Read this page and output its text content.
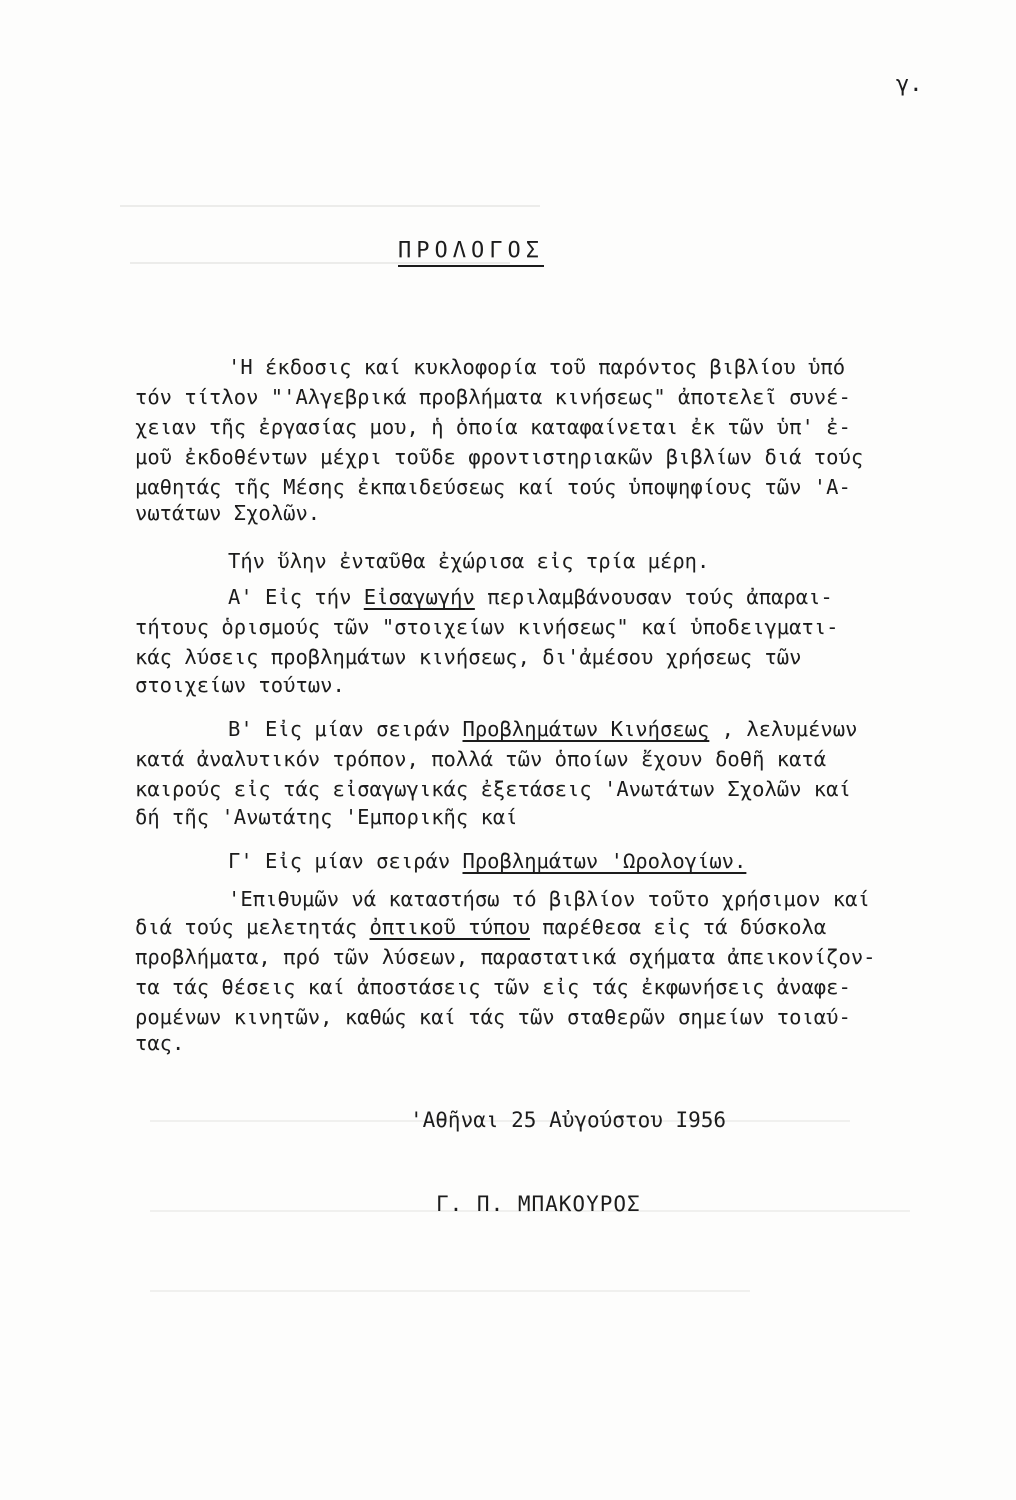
γ.
ΠΡΟΛΟΓΟΣ
'Η έκδοσις καί κυκλοφορία τοῦ παρόντος βιβλίου ὑπό
τόν τίτλον "'Αλγεβρικά προβλήματα κινήσεως" ἀποτελεῖ συνέ-
χειαν τῆς ἐργασίας μου, ἡ ὁποία καταφαίνεται ἐκ τῶν ὑπ' ἐ-
μοῦ ἐκδοθέντων μέχρι τοῦδε φροντιστηριακῶν βιβλίων διά τούς
μαθητάς τῆς Μέσης ἐκπαιδεύσεως καί τούς ὑποψηφίους τῶν 'Α-
νωτάτων Σχολῶν.
Τήν ὕλην ἐνταῦθα ἐχώρισα εἰς τρία μέρη.
Α' Εἰς τήν Εἰσαγωγήν περιλαμβάνουσαν τούς ἀπαραι-
τήτους ὁρισμούς τῶν "στοιχείων κινήσεως" καί ὑποδειγματι-
κάς λύσεις προβλημάτων κινήσεως, δι'ἀμέσου χρήσεως τῶν
στοιχείων τούτων.
Β' Εἰς μίαν σειράν Προβλημάτων Κινήσεως , λελυμένων
κατά ἀναλυτικόν τρόπον, πολλά τῶν ὁποίων ἔχουν δοθῆ κατά
καιρούς εἰς τάς εἰσαγωγικάς ἐξετάσεις 'Ανωτάτων Σχολῶν καί
δή τῆς 'Ανωτάτης 'Εμπορικῆς καί
Γ' Εἰς μίαν σειράν Προβλημάτων 'Ωρολογίων.
'Επιθυμῶν νά καταστήσω τό βιβλίον τοῦτο χρήσιμον καί
διά τούς μελετητάς ὀπτικοῦ τύπου παρέθεσα εἰς τά δύσκολα
προβλήματα, πρό τῶν λύσεων, παραστατικά σχήματα ἀπεικονίζον-
τα τάς θέσεις καί ἀποστάσεις τῶν εἰς τάς ἐκφωνήσεις ἀναφε-
ρομένων κινητῶν, καθώς καί τάς τῶν σταθερῶν σημείων τοιαύ-
τας.
'Αθῆναι 25 Αὐγούστου Ι956
Γ. Π. ΜΠΑΚΟΥΡΟΣ
